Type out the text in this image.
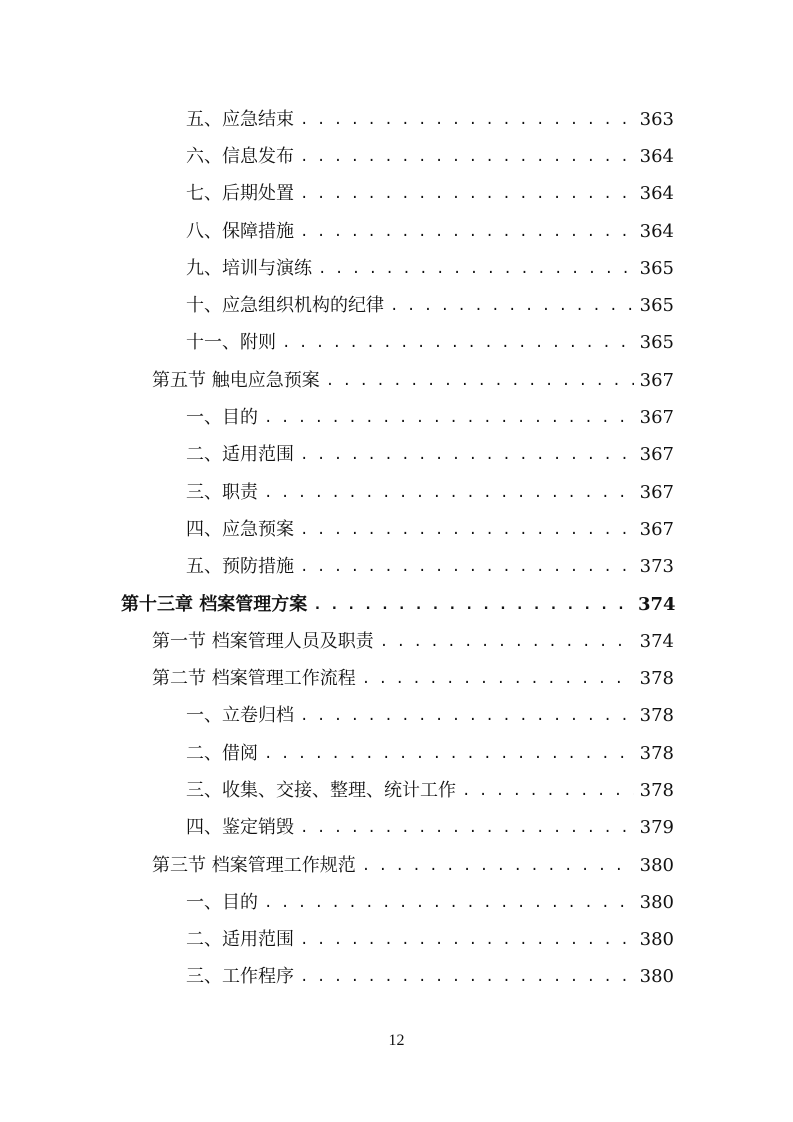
五、应急结束 . . .	363
六、信息发布 . . .	364
七、后期处置 . . .	364
八、保障措施 . . .	364
九、培训与演练 . . .	365
十、应急组织机构的纪律 . . .	365
十一、附则 . . .	365
第五节 触电应急预案 . . .	367
一、目的 . . .	367
二、适用范围 . . .	367
三、职责 . . .	367
四、应急预案 . . .	367
五、预防措施 . . .	373
第十三章 档案管理方案 . . .	374
第一节 档案管理人员及职责 . . .	374
第二节 档案管理工作流程 . . .	378
一、立卷归档 . . .	378
二、借阅 . . .	378
三、收集、交接、整理、统计工作 . . .	378
四、鉴定销毁 . . .	379
第三节 档案管理工作规范 . . .	380
一、目的 . . .	380
二、适用范围 . . .	380
三、工作程序 . . .	380
12
